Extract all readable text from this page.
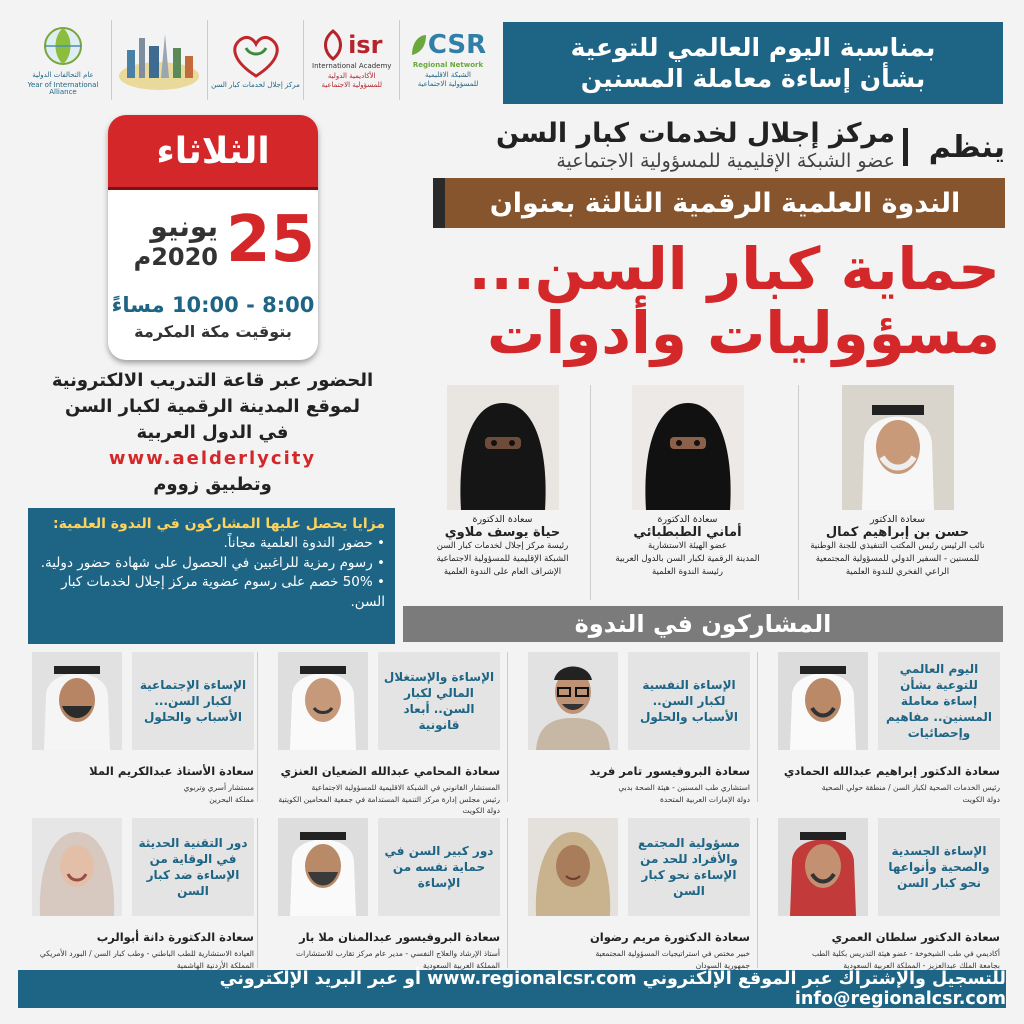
بمناسبة اليوم العالمي للتوعية
بشأن إساءة معاملة المسنين
عام التحالفات الدولية
Year of International Alliance
مركز إجلال لخدمات كبار السن
isr
International Academy
الأكاديمية الدولية
للمسؤولية الاجتماعية
CSR
Regional Network
الشبكة الاقليمية
للمسؤولية الاجتماعية
ينظم
مركز إجلال لخدمات كبار السن
عضو الشبكة الإقليمية للمسؤولية الاجتماعية
الندوة العلمية الرقمية الثالثة بعنوان
حماية كبار السن...
مسؤوليات وأدوات
الثلاثاء
25
يونيو
2020م
8:00 - 10:00 مساءً
بتوقيت مكة المكرمة
الحضور عبر قاعة التدريب الالكترونية
لموقع المدينة الرقمية لكبار السن
في الدول العربية
www.aelderlycity
وتطبيق زووم
مزايا يحصل عليها المشاركون في الندوة العلمية:
• حضور الندوة العلمية مجاناً.
• رسوم رمزية للراغبين في الحصول على شهادة حضور دولية.
• 50% خصم على رسوم عضوية مركز إجلال لخدمات كبار السن.
سعادة الدكتور
حسن بن إبراهيم كمال
نائب الرئيس رئيس المكتب التنفيذي للجنة الوطنية
للمسنين - السفير الدولي للمسؤولية المجتمعية
الراعي الفخري للندوة العلمية
سعادة الدكتورة
أماني الطبطبائي
عضو الهيئة الاستشارية
المدينة الرقمية لكبار السن بالدول العربية
رئيسة الندوة العلمية
سعادة الدكتورة
حياة يوسف ملاوي
رئيسة مركز إجلال لخدمات كبار السن
الشبكة الإقليمية للمسؤولية الاجتماعية
الإشراف العام على الندوة العلمية
المشاركون في الندوة
اليوم العالمي للتوعية بشأن إساءة معاملة المسنين.. مفاهيم وإحصائيات
سعادة الدكتور إبراهيم عبدالله الحمادي
رئيس الخدمات الصحية لكبار السن / منطقة حولي الصحية
دولة الكويت
الإساءة النفسية لكبار السن.. الأسباب والحلول
سعادة البروفيسور تامر فريد
استشاري طب المسنين - هيئة الصحة بدبي
دولة الإمارات العربية المتحدة
الإساءة والإستغلال المالي لكبار السن.. أبعاد قانونية
سعادة المحامي عبدالله الضعيان العنزي
المستشار القانوني في الشبكة الاقليمية للمسؤولية الاجتماعية
رئيس مجلس إدارة مركز التنمية المستدامة في جمعية المحامين الكويتية
دولة الكويت
الإساءة الإجتماعية لكبار السن... الأسباب والحلول
سعادة الأستاذ عبدالكريم الملا
مستشار أسري وتربوي
مملكة البحرين
الإساءة الجسدية والصحية وأنواعها نحو كبار السن
سعادة الدكتور سلطان العمري
أكاديمي في طب الشيخوخة - عضو هيئة التدريس بكلية الطب
بجامعة الملك عبدالعزيز - المملكة العربية السعودية
مسؤولية المجتمع والأفراد للحد من الإساءة نحو كبار السن
سعادة الدكتورة مريم رضوان
خبير مختص في استراتيجيات المسؤولية المجتمعية
جمهورية السودان
دور كبير السن في حماية نفسه من الإساءة
سعادة البروفيسور عبدالمنان ملا بار
أستاذ الإرشاد والعلاج النفسي - مدير عام مركز تقارب للاستشارات
المملكة العربية السعودية
دور التقنية الحديثة في الوقاية من الإساءة ضد كبار السن
سعادة الدكتورة دانة أبوالرب
العيادة الاستشارية للطب الباطني - وطب كبار السن / البورد الأمريكي
المملكة الأردنية الهاشمية
للتسجيل والإشتراك عبر الموقع الإلكتروني www.regionalcsr.com أو عبر البريد الإلكتروني info@regionalcsr.com
